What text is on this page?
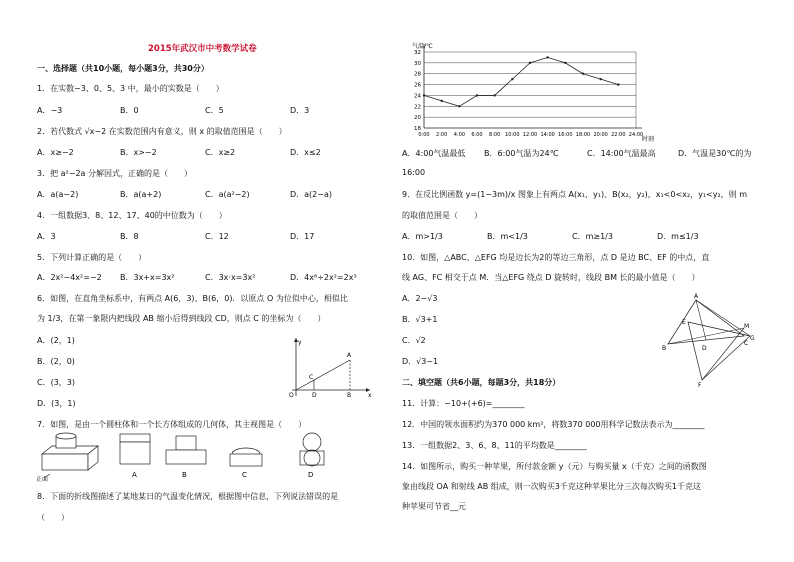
2015年武汉市中考数学试卷
一、选择题（共10小题，每小题3分，共30分）
1．在实数−3、0、5、3 中，最小的实数是（　　）
A．−3	B．0	C．5	D．3
2．若代数式 √x−2 在实数范围内有意义，则 x 的取值范围是（　　）
A．x≥−2	B．x>−2	C．x≥2	D．x≤2
3．把 a²−2a 分解因式，正确的是（　　）
A．a(a−2)	B．a(a+2)	C．a(a²−2)	D．a(2−a)
4．一组数据3、8、12、17、40的中位数为（　　）
A．3	B．8	C．12	D．17
5．下列计算正确的是（　　）
A．2x²−4x²=−2 B．3x+x=3x²	C．3x·x=3x²	D．4x⁶÷2x²=2x³
6．如图，在直角坐标系中，有两点 A(6，3)、B(6，0)．以原点 O 为位似中心，相似比
为 1/3，在第一象限内把线段 AB 缩小后得到线段 CD，则点 C 的坐标为（　　）
A．(2，1)
B．(2，0)
C．(3，3)
D．(3，1)
y
x
A
B
C
D
O
7．如图，是由一个圆柱体和一个长方体组成的几何体，其主视图是（　　）
正面
A	B	C	D
8．下面的折线图描述了某地某日的气温变化情况，根据图中信息，下列说法错误的是
（　　）
气温/℃
18
20
22
24
26
28
30
32
0:00 2:00 4:00 6:00 8:00 10:00 12:00 14:00 16:00 18:00 20:00 22:00 24:00
时刻
A．4:00气温最低 B．6:00气温为24℃	C．14:00气温最高	D．气温是30℃的为
16:00
9．在反比例函数 y=(1−3m)/x 图象上有两点 A(x₁，y₁)、B(x₂，y₂)，x₁<0<x₂，y₁<y₂，则 m
的取值范围是（　　）
A．m>1/3	B．m<1/3	C．m≥1/3	D．m≤1/3
10．如图，△ABC、△EFG 均是边长为2的等边三角形，点 D 是边 BC、EF 的中点，直
线 AG、FC 相交于点 M．当△EFG 绕点 D 旋转时，线段 BM 长的最小值是（　　）
A．2−√3
B．√3+1
C．√2
D．√3−1
A
B
C
D
E
F
G
M
二、填空题（共6小题，每题3分，共18分）
11．计算：−10+(+6)=________
12．中国的领水面积约为370 000 km²，将数370 000用科学记数法表示为________
13．一组数据2、3、6、8、11的平均数是________
14．如图所示，购买一种苹果，所付款金额 y（元）与购买量 x（千克）之间的函数图
象由线段 OA 和射线 AB 组成，则一次购买3千克这种苹果比分三次每次购买1千克这
种苹果可节省__元
